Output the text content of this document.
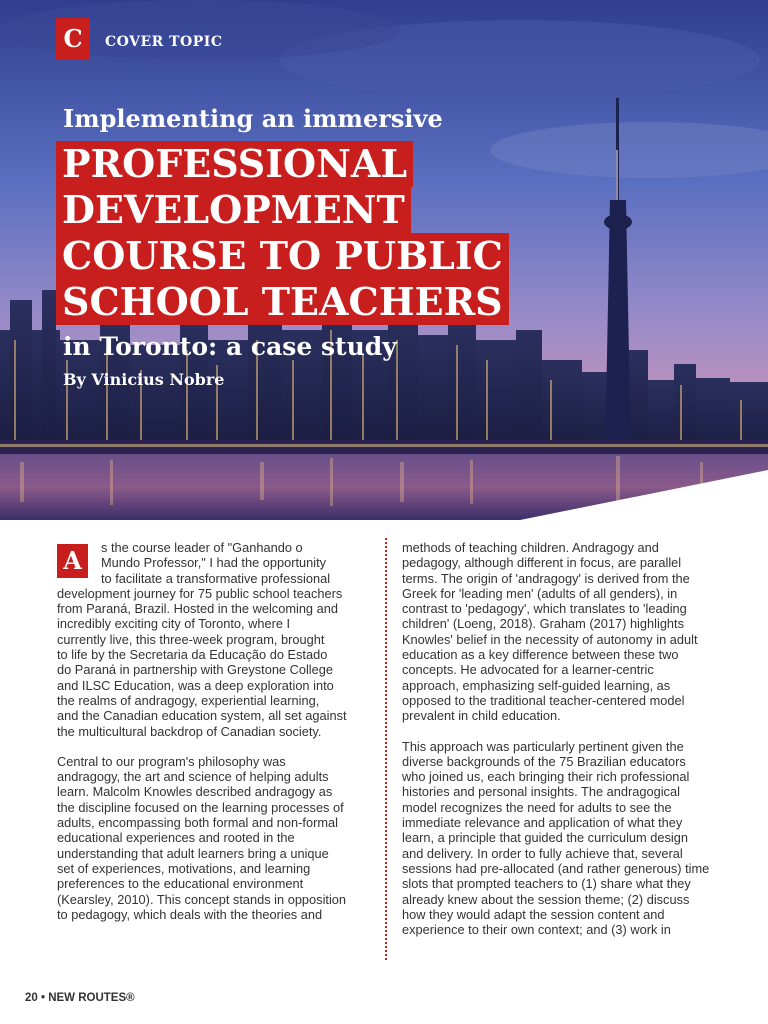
C	COVER TOPIC
Implementing an immersive
PROFESSIONAL
DEVELOPMENT
COURSE TO PUBLIC
SCHOOL TEACHERS
in Toronto: a case study
By Vinicius Nobre
A	s the course leader of "Ganhando o

Mundo Professor," I had the opportunity

to facilitate a transformative professional

development journey for 75 public school teachers

from Paraná, Brazil. Hosted in the welcoming and

incredibly exciting city of Toronto, where I

currently live, this three-week program, brought

to life by the Secretaria da Educação do Estado

do Paraná in partnership with Greystone College

and ILSC Education, was a deep exploration into

the realms of andragogy, experiential learning,

and the Canadian education system, all set against

the multicultural backdrop of Canadian society.

Central to our program's philosophy was

andragogy, the art and science of helping adults

learn. Malcolm Knowles described andragogy as

the discipline focused on the learning processes of

adults, encompassing both formal and non-formal

educational experiences and rooted in the

understanding that adult learners bring a unique

set of experiences, motivations, and learning

preferences to the educational environment

(Kearsley, 2010). This concept stands in opposition

to pedagogy, which deals with the theories and

methods of teaching children. Andragogy and

pedagogy, although different in focus, are parallel

terms. The origin of 'andragogy' is derived from the

Greek for 'leading men' (adults of all genders), in

contrast to 'pedagogy', which translates to 'leading

children' (Loeng, 2018). Graham (2017) highlights

Knowles' belief in the necessity of autonomy in adult

education as a key difference between these two

concepts. He advocated for a learner-centric

approach, emphasizing self-guided learning, as

opposed to the traditional teacher-centered model

prevalent in child education.

This approach was particularly pertinent given the

diverse backgrounds of the 75 Brazilian educators

who joined us, each bringing their rich professional

histories and personal insights. The andragogical

model recognizes the need for adults to see the

immediate relevance and application of what they

learn, a principle that guided the curriculum design

and delivery. In order to fully achieve that, several

sessions had pre-allocated (and rather generous) time

slots that prompted teachers to (1) share what they

already knew about the session theme; (2) discuss

how they would adapt the session content and

experience to their own context; and (3) work in

20 • NEW ROUTES®
